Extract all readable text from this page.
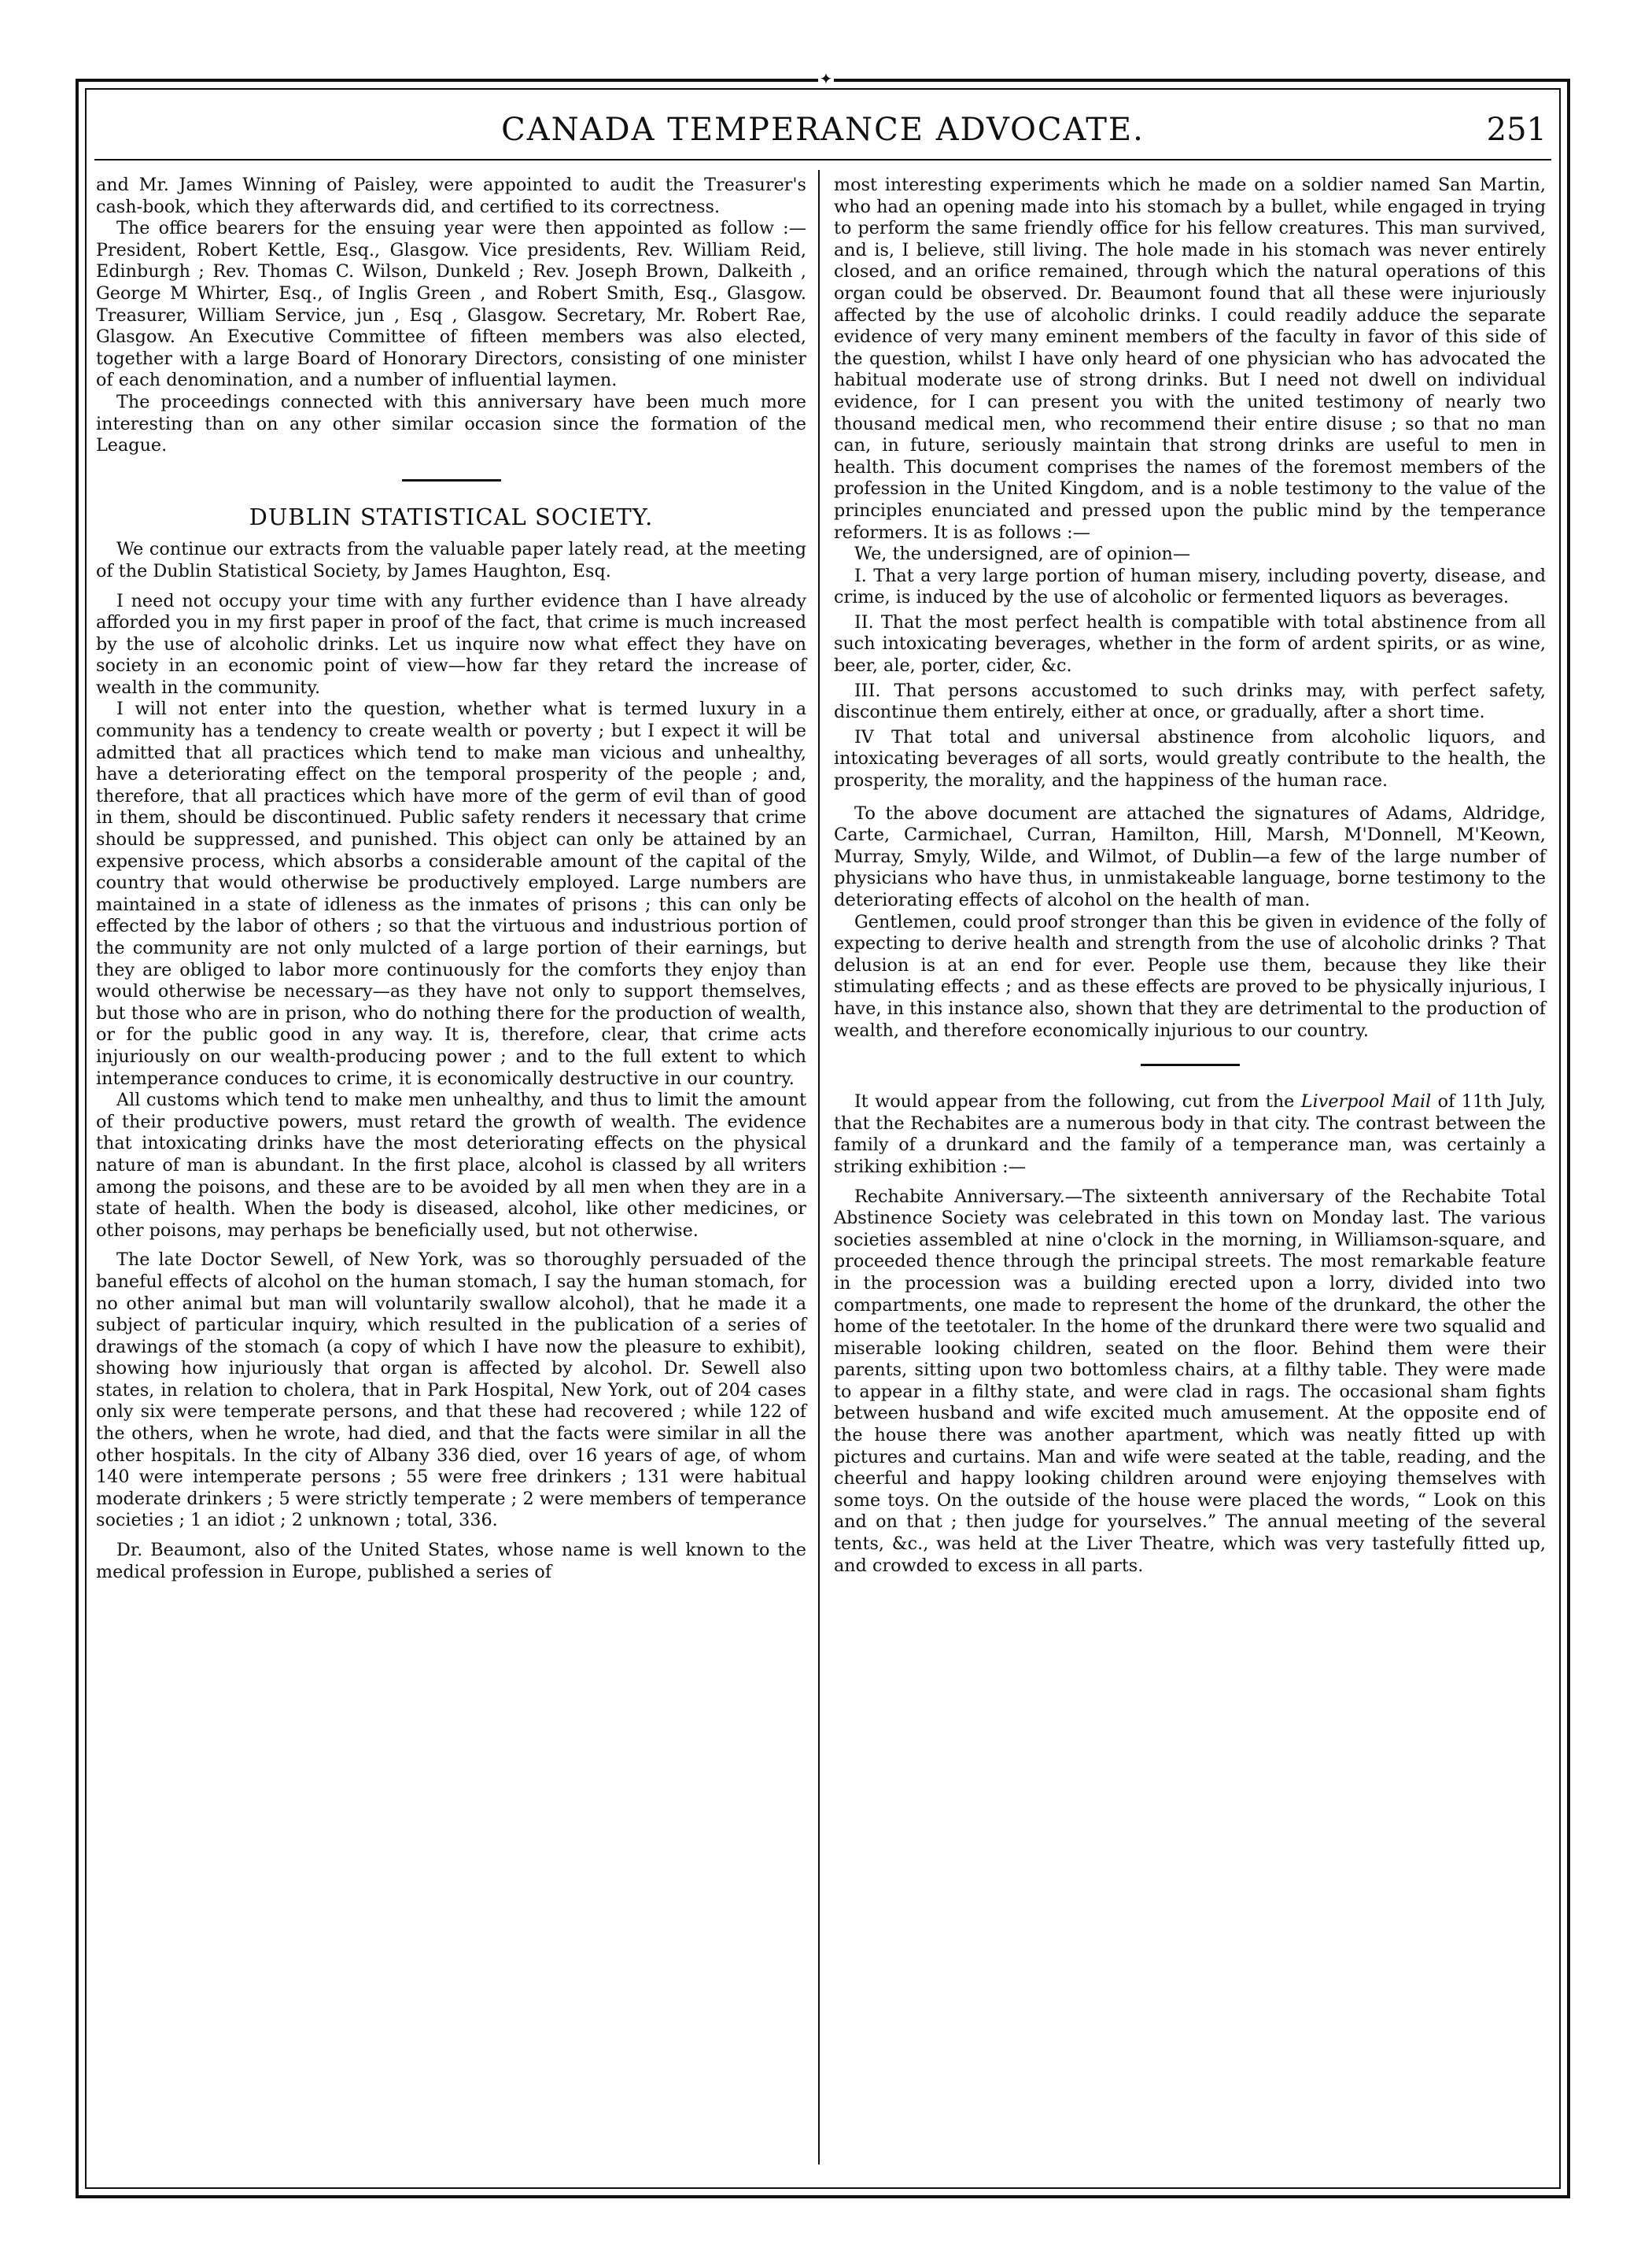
✦
CANADA TEMPERANCE ADVOCATE.	251

and Mr. James Winning of Paisley, were appointed to audit the Treasurer's cash-book, which they afterwards did, and certified to its correctness.

The office bearers for the ensuing year were then appointed as follow :—President, Robert Kettle, Esq., Glasgow. Vice presidents, Rev. William Reid, Edinburgh ; Rev. Thomas C. Wilson, Dunkeld ; Rev. Joseph Brown, Dalkeith , George M Whirter, Esq., of Inglis Green , and Robert Smith, Esq., Glasgow. Treasurer, William Service, jun , Esq , Glasgow. Secretary, Mr. Robert Rae, Glasgow. An Executive Committee of fifteen members was also elected, together with a large Board of Honorary Directors, consisting of one minister of each denomination, and a number of influential laymen.

The proceedings connected with this anniversary have been much more interesting than on any other similar occasion since the formation of the League.

DUBLIN STATISTICAL SOCIETY.

We continue our extracts from the valuable paper lately read, at the meeting of the Dublin Statistical Society, by James Haughton, Esq.

I need not occupy your time with any further evidence than I have already afforded you in my first paper in proof of the fact, that crime is much increased by the use of alcoholic drinks. Let us inquire now what effect they have on society in an economic point of view—how far they retard the increase of wealth in the community.

I will not enter into the question, whether what is termed luxury in a community has a tendency to create wealth or poverty ; but I expect it will be admitted that all practices which tend to make man vicious and unhealthy, have a deteriorating effect on the temporal prosperity of the people ; and, therefore, that all practices which have more of the germ of evil than of good in them, should be discontinued. Public safety renders it necessary that crime should be suppressed, and punished. This object can only be attained by an expensive process, which absorbs a considerable amount of the capital of the country that would otherwise be productively employed. Large numbers are maintained in a state of idleness as the inmates of prisons ; this can only be effected by the labor of others ; so that the virtuous and industrious portion of the community are not only mulcted of a large portion of their earnings, but they are obliged to labor more continuously for the comforts they enjoy than would otherwise be necessary—as they have not only to support themselves, but those who are in prison, who do nothing there for the production of wealth, or for the public good in any way. It is, therefore, clear, that crime acts injuriously on our wealth-producing power ; and to the full extent to which intemperance conduces to crime, it is economically destructive in our country.

All customs which tend to make men unhealthy, and thus to limit the amount of their productive powers, must retard the growth of wealth. The evidence that intoxicating drinks have the most deteriorating effects on the physical nature of man is abundant. In the first place, alcohol is classed by all writers among the poisons, and these are to be avoided by all men when they are in a state of health. When the body is diseased, alcohol, like other medicines, or other poisons, may perhaps be beneficially used, but not otherwise.

The late Doctor Sewell, of New York, was so thoroughly persuaded of the baneful effects of alcohol on the human stomach, I say the human stomach, for no other animal but man will voluntarily swallow alcohol), that he made it a subject of particular inquiry, which resulted in the publication of a series of drawings of the stomach (a copy of which I have now the pleasure to exhibit), showing how injuriously that organ is affected by alcohol. Dr. Sewell also states, in relation to cholera, that in Park Hospital, New York, out of 204 cases only six were temperate persons, and that these had recovered ; while 122 of the others, when he wrote, had died, and that the facts were similar in all the other hospitals. In the city of Albany 336 died, over 16 years of age, of whom 140 were intemperate persons ; 55 were free drinkers ; 131 were habitual moderate drinkers ; 5 were strictly temperate ; 2 were members of temperance societies ; 1 an idiot ; 2 unknown ; total, 336.

Dr. Beaumont, also of the United States, whose name is well known to the medical profession in Europe, published a series of

most interesting experiments which he made on a soldier named San Martin, who had an opening made into his stomach by a bullet, while engaged in trying to perform the same friendly office for his fellow creatures. This man survived, and is, I believe, still living. The hole made in his stomach was never entirely closed, and an orifice remained, through which the natural operations of this organ could be observed. Dr. Beaumont found that all these were injuriously affected by the use of alcoholic drinks. I could readily adduce the separate evidence of very many eminent members of the faculty in favor of this side of the question, whilst I have only heard of one physician who has advocated the habitual moderate use of strong drinks. But I need not dwell on individual evidence, for I can present you with the united testimony of nearly two thousand medical men, who recommend their entire disuse ; so that no man can, in future, seriously maintain that strong drinks are useful to men in health. This document comprises the names of the foremost members of the profession in the United Kingdom, and is a noble testimony to the value of the principles enunciated and pressed upon the public mind by the temperance reformers. It is as follows :—

We, the undersigned, are of opinion—

I. That a very large portion of human misery, including poverty, disease, and crime, is induced by the use of alcoholic or fermented liquors as beverages.

II. That the most perfect health is compatible with total abstinence from all such intoxicating beverages, whether in the form of ardent spirits, or as wine, beer, ale, porter, cider, &c.

III. That persons accustomed to such drinks may, with perfect safety, discontinue them entirely, either at once, or gradually, after a short time.

IV That total and universal abstinence from alcoholic liquors, and intoxicating beverages of all sorts, would greatly contribute to the health, the prosperity, the morality, and the happiness of the human race.

To the above document are attached the signatures of Adams, Aldridge, Carte, Carmichael, Curran, Hamilton, Hill, Marsh, M'Donnell, M'Keown, Murray, Smyly, Wilde, and Wilmot, of Dublin—a few of the large number of physicians who have thus, in unmistakeable language, borne testimony to the deteriorating effects of alcohol on the health of man.

Gentlemen, could proof stronger than this be given in evidence of the folly of expecting to derive health and strength from the use of alcoholic drinks ? That delusion is at an end for ever. People use them, because they like their stimulating effects ; and as these effects are proved to be physically injurious, I have, in this instance also, shown that they are detrimental to the production of wealth, and therefore economically injurious to our country.

It would appear from the following, cut from the Liverpool Mail of 11th July, that the Rechabites are a numerous body in that city. The contrast between the family of a drunkard and the family of a temperance man, was certainly a striking exhibition :—

Rechabite Anniversary.—The sixteenth anniversary of the Rechabite Total Abstinence Society was celebrated in this town on Monday last. The various societies assembled at nine o'clock in the morning, in Williamson-square, and proceeded thence through the principal streets. The most remarkable feature in the procession was a building erected upon a lorry, divided into two compartments, one made to represent the home of the drunkard, the other the home of the teetotaler. In the home of the drunkard there were two squalid and miserable looking children, seated on the floor. Behind them were their parents, sitting upon two bottomless chairs, at a filthy table. They were made to appear in a filthy state, and were clad in rags. The occasional sham fights between husband and wife excited much amusement. At the opposite end of the house there was another apartment, which was neatly fitted up with pictures and curtains. Man and wife were seated at the table, reading, and the cheerful and happy looking children around were enjoying themselves with some toys. On the outside of the house were placed the words, “ Look on this and on that ; then judge for yourselves.” The annual meeting of the several tents, &c., was held at the Liver Theatre, which was very tastefully fitted up, and crowded to excess in all parts.
